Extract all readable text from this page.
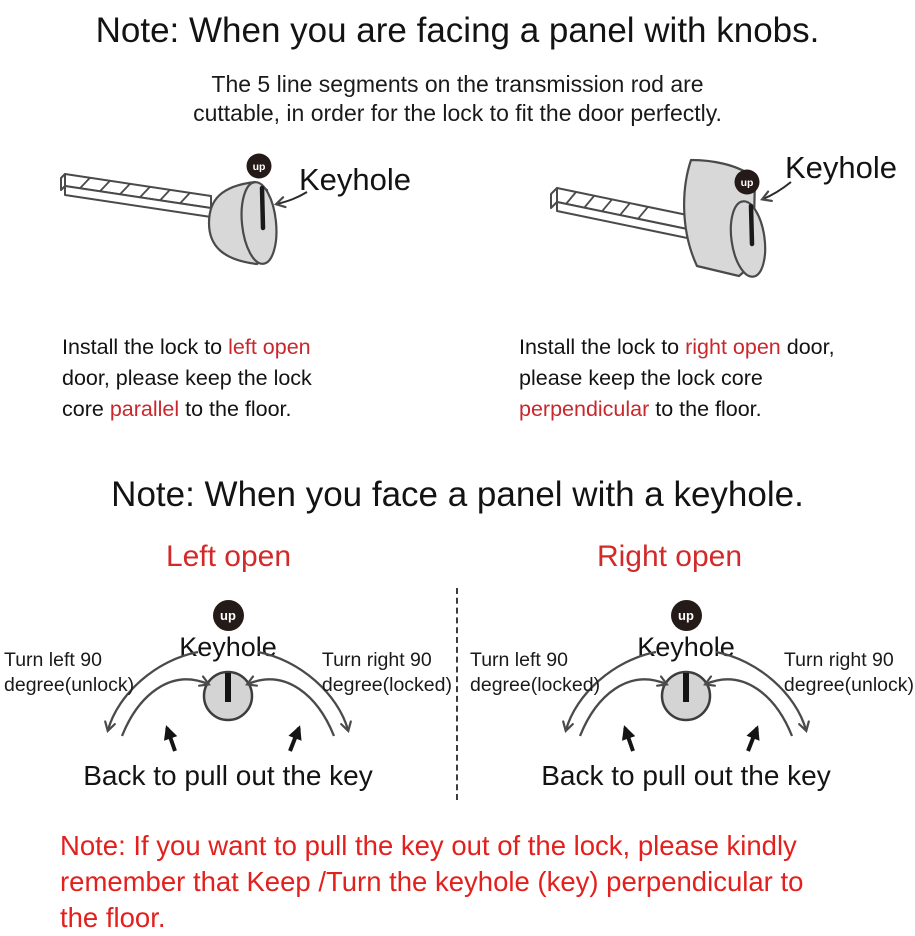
Note: When you are facing a panel with knobs.
The 5 line segments on the transmission rod are
cuttable, in order for the lock to fit the door perfectly.
up Keyhole	up Keyhole

Install the lock to left open door, please keep the lock core parallel to the floor.

Install the lock to right open door, please keep the lock core perpendicular to the floor.

Note: When you face a panel with a keyhole.
Left open	Right open
up
Keyhole
Turn left 90
degree(unlock)
Turn right 90
degree(locked)
Back to pull out the key
up
Keyhole
Turn left 90
degree(locked)
Turn right 90
degree(unlock)
Back to pull out the key
Note: If you want to pull the key out of the lock, please kindly
remember that Keep /Turn the keyhole (key) perpendicular to
the floor.
